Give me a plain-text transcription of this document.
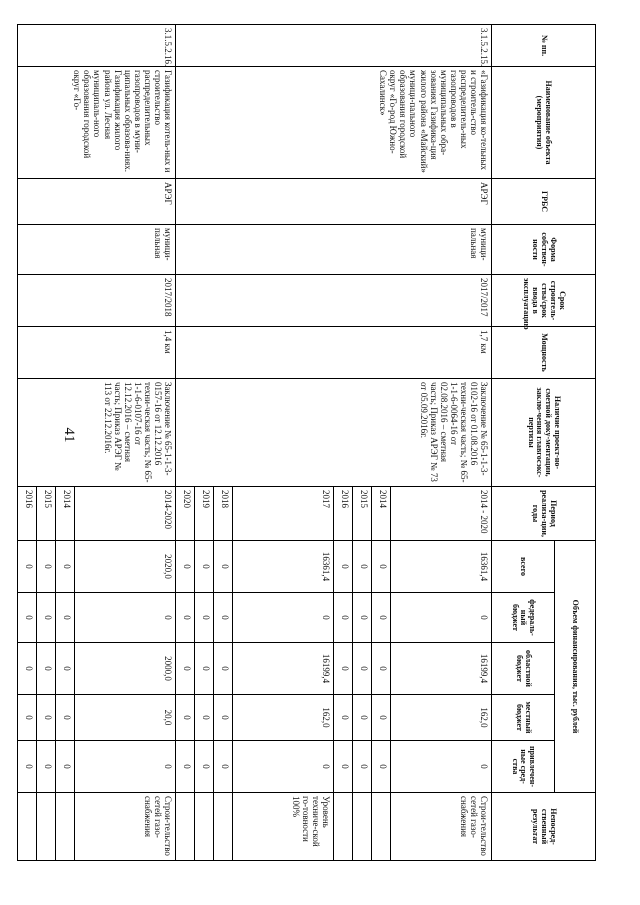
41
№ пп.	Наименование объекта (мероприятия)	ГРБС	Форма собствен-ности	Срок строитель-ства/срок ввода в эксплуатацию	Мощность	Наличие проект-но-сметной доку-ментации, заклю-чения главгосэкс-пертизы	Период реализа-ции, годы	Объем финансирования, тыс. рублей					Непосред-ственный результат
								всего	федераль-ный бюджет	областной бюджет	местный бюджет	привлечен-ные сред-ства	
3.1.5.2.15.	«Газификация ко-тельных и строитель-ство распределитель-ных газопроводов в муниципальных обра-зованиях Газифика-ция жилого района «Майский» муници-пального образования городской округ «Го-род Южно-Сахалинск»	АРЭГ	муници-пальная	2017/2017	1,7 км	Заключение № 65-1-1-3-0102-16 от 01.08.2016 техни-ческая часть; № 65-1-1-6-0064-16 от 02.08.2016 – сметная часть; Приказ АРЭГ № 73 от 05.09.2016г.	2014 - 2020	16361,4	0	16199,4	162,0	0	Строи-тельство сетей газо-снабжения
							2014	0	0	0	0	0	
							2015	0	0	0	0	0	
							2016	0	0	0	0	0	
							2017	16361,4	0	16199,4	162,0	0	Уровень техниче-ской го-товности 100%
							2018	0	0	0	0	0	
							2019	0	0	0	0	0	
							2020	0	0	0	0	0	
3.1.5.2.16.	Газификация котель-ных и строительство распределительных газопроводов в муни-ципальных образова-ниях. Газификация жилого района ул. Лесная муниципаль-ного образования городской округ «Го-	АРЭГ	муници-пальная	2017/2018	1,4 км	Заключение № 65-1-1-3-0157-16 от 12.12.2016 техни-ческая часть; № 65-1-1-6-0107-16 от 12.12.2016 – сметная часть; Приказ АРЭГ № 113 от 22.12.2016г.	2014-2020	2020,0	0	2000,0	20,0	0	Строи-тельство сетей газо-снабжения
							2014	0	0	0	0	0	
							2015	0	0	0	0	0	
							2016	0	0	0	0	0	
